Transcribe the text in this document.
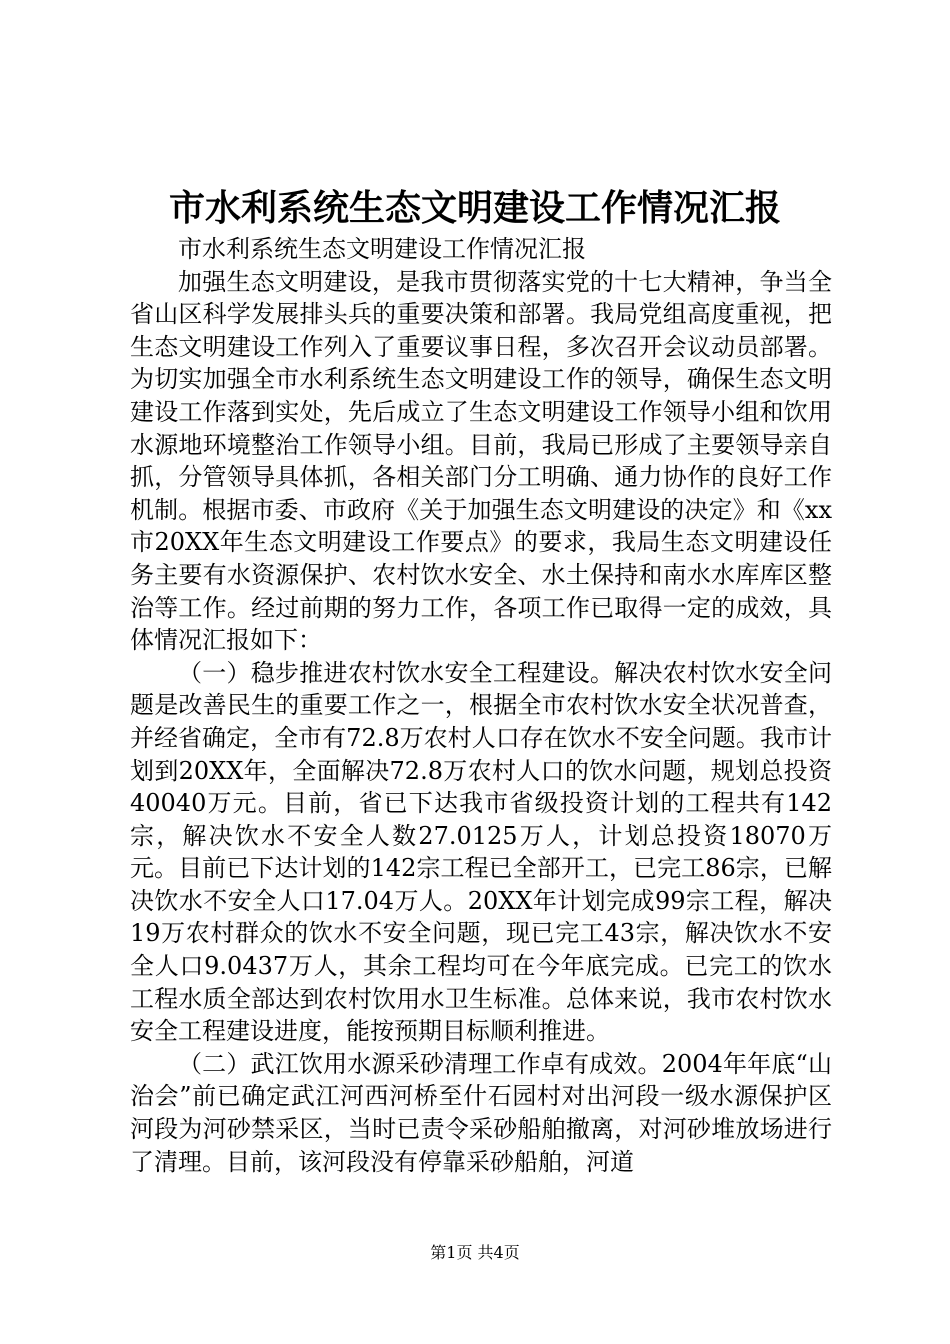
市水利系统生态文明建设工作情况汇报

市水利系统生态文明建设工作情况汇报

加强生态文明建设，是我市贯彻落实党的十七大精神，争当全省山区科学发展排头兵的重要决策和部署。我局党组高度重视，把生态文明建设工作列入了重要议事日程，多次召开会议动员部署。为切实加强全市水利系统生态文明建设工作的领导，确保生态文明建设工作落到实处，先后成立了生态文明建设工作领导小组和饮用水源地环境整治工作领导小组。目前，我局已形成了主要领导亲自抓，分管领导具体抓，各相关部门分工明确、通力协作的良好工作机制。根据市委、市政府《关于加强生态文明建设的决定》和《xx市20XX年生态文明建设工作要点》的要求，我局生态文明建设任务主要有水资源保护、农村饮水安全、水土保持和南水水库库区整治等工作。经过前期的努力工作，各项工作已取得一定的成效，具体情况汇报如下：

（一）稳步推进农村饮水安全工程建设。解决农村饮水安全问题是改善民生的重要工作之一，根据全市农村饮水安全状况普查，并经省确定，全市有72.8万农村人口存在饮水不安全问题。我市计划到20XX年，全面解决72.8万农村人口的饮水问题，规划总投资40040万元。目前，省已下达我市省级投资计划的工程共有142宗，解决饮水不安全人数27.0125万人，计划总投资18070万元。目前已下达计划的142宗工程已全部开工，已完工86宗，已解决饮水不安全人口17.04万人。20XX年计划完成99宗工程，解决19万农村群众的饮水不安全问题，现已完工43宗，解决饮水不安全人口9.0437万人，其余工程均可在今年底完成。已完工的饮水工程水质全部达到农村饮用水卫生标准。总体来说，我市农村饮水安全工程建设进度，能按预期目标顺利推进。

（二）武江饮用水源采砂清理工作卓有成效。2004年年底“山治会”前已确定武江河西河桥至什石园村对出河段一级水源保护区河段为河砂禁采区，当时已责令采砂船舶撤离，对河砂堆放场进行了清理。目前，该河段没有停靠采砂船舶，河道

第1页 共4页
